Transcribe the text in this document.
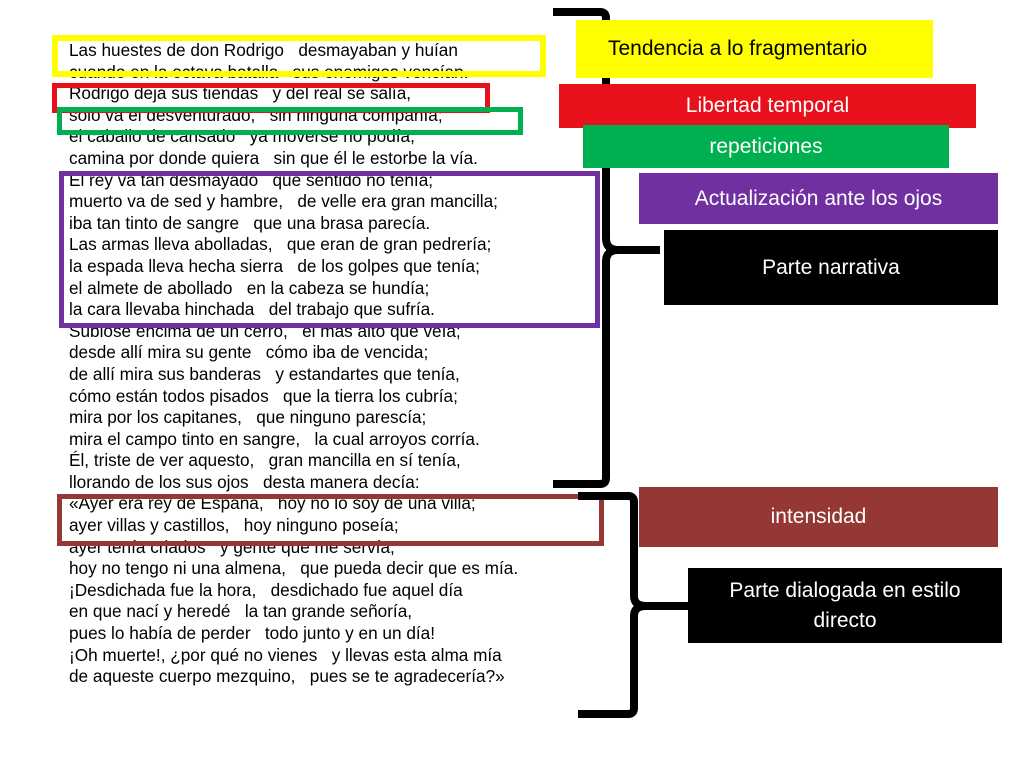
Las huestes de don Rodrigo   desmayaban y huían
cuando en la octava batalla   sus enemigos vencían.
Rodrigo deja sus tiendas   y del real se salía,
solo va el desventurado,   sin ninguna compañía;
el caballo de cansado   ya moverse no podía,
camina por donde quiera   sin que él le estorbe la vía.
El rey va tan desmayado   que sentido no tenía;
muerto va de sed y hambre,   de velle era gran mancilla;
iba tan tinto de sangre   que una brasa parecía.
Las armas lleva abolladas,   que eran de gran pedrería;
la espada lleva hecha sierra   de los golpes que tenía;
el almete de abollado   en la cabeza se hundía;
la cara llevaba hinchada   del trabajo que sufría.
Subióse encima de un cerro,   el más alto que veía;
desde allí mira su gente   cómo iba de vencida;
de allí mira sus banderas   y estandartes que tenía,
cómo están todos pisados   que la tierra los cubría;
mira por los capitanes,   que ninguno parescía;
mira el campo tinto en sangre,   la cual arroyos corría.
Él, triste de ver aquesto,   gran mancilla en sí tenía,
llorando de los sus ojos   desta manera decía:
«Ayer era rey de España,   hoy no lo soy de una villa;
ayer villas y castillos,   hoy ninguno poseía;
ayer tenía criados   y gente que me servía,
hoy no tengo ni una almena,   que pueda decir que es mía.
¡Desdichada fue la hora,   desdichado fue aquel día
en que nací y heredé   la tan grande señoría,
pues lo había de perder   todo junto y en un día!
¡Oh muerte!, ¿por qué no vienes   y llevas esta alma mía
de aqueste cuerpo mezquino,   pues se te agradecería?»
Tendencia a lo fragmentario
Libertad temporal
repeticiones
Actualización ante los ojos
Parte narrativa
intensidad
Parte dialogada en estilo directo
